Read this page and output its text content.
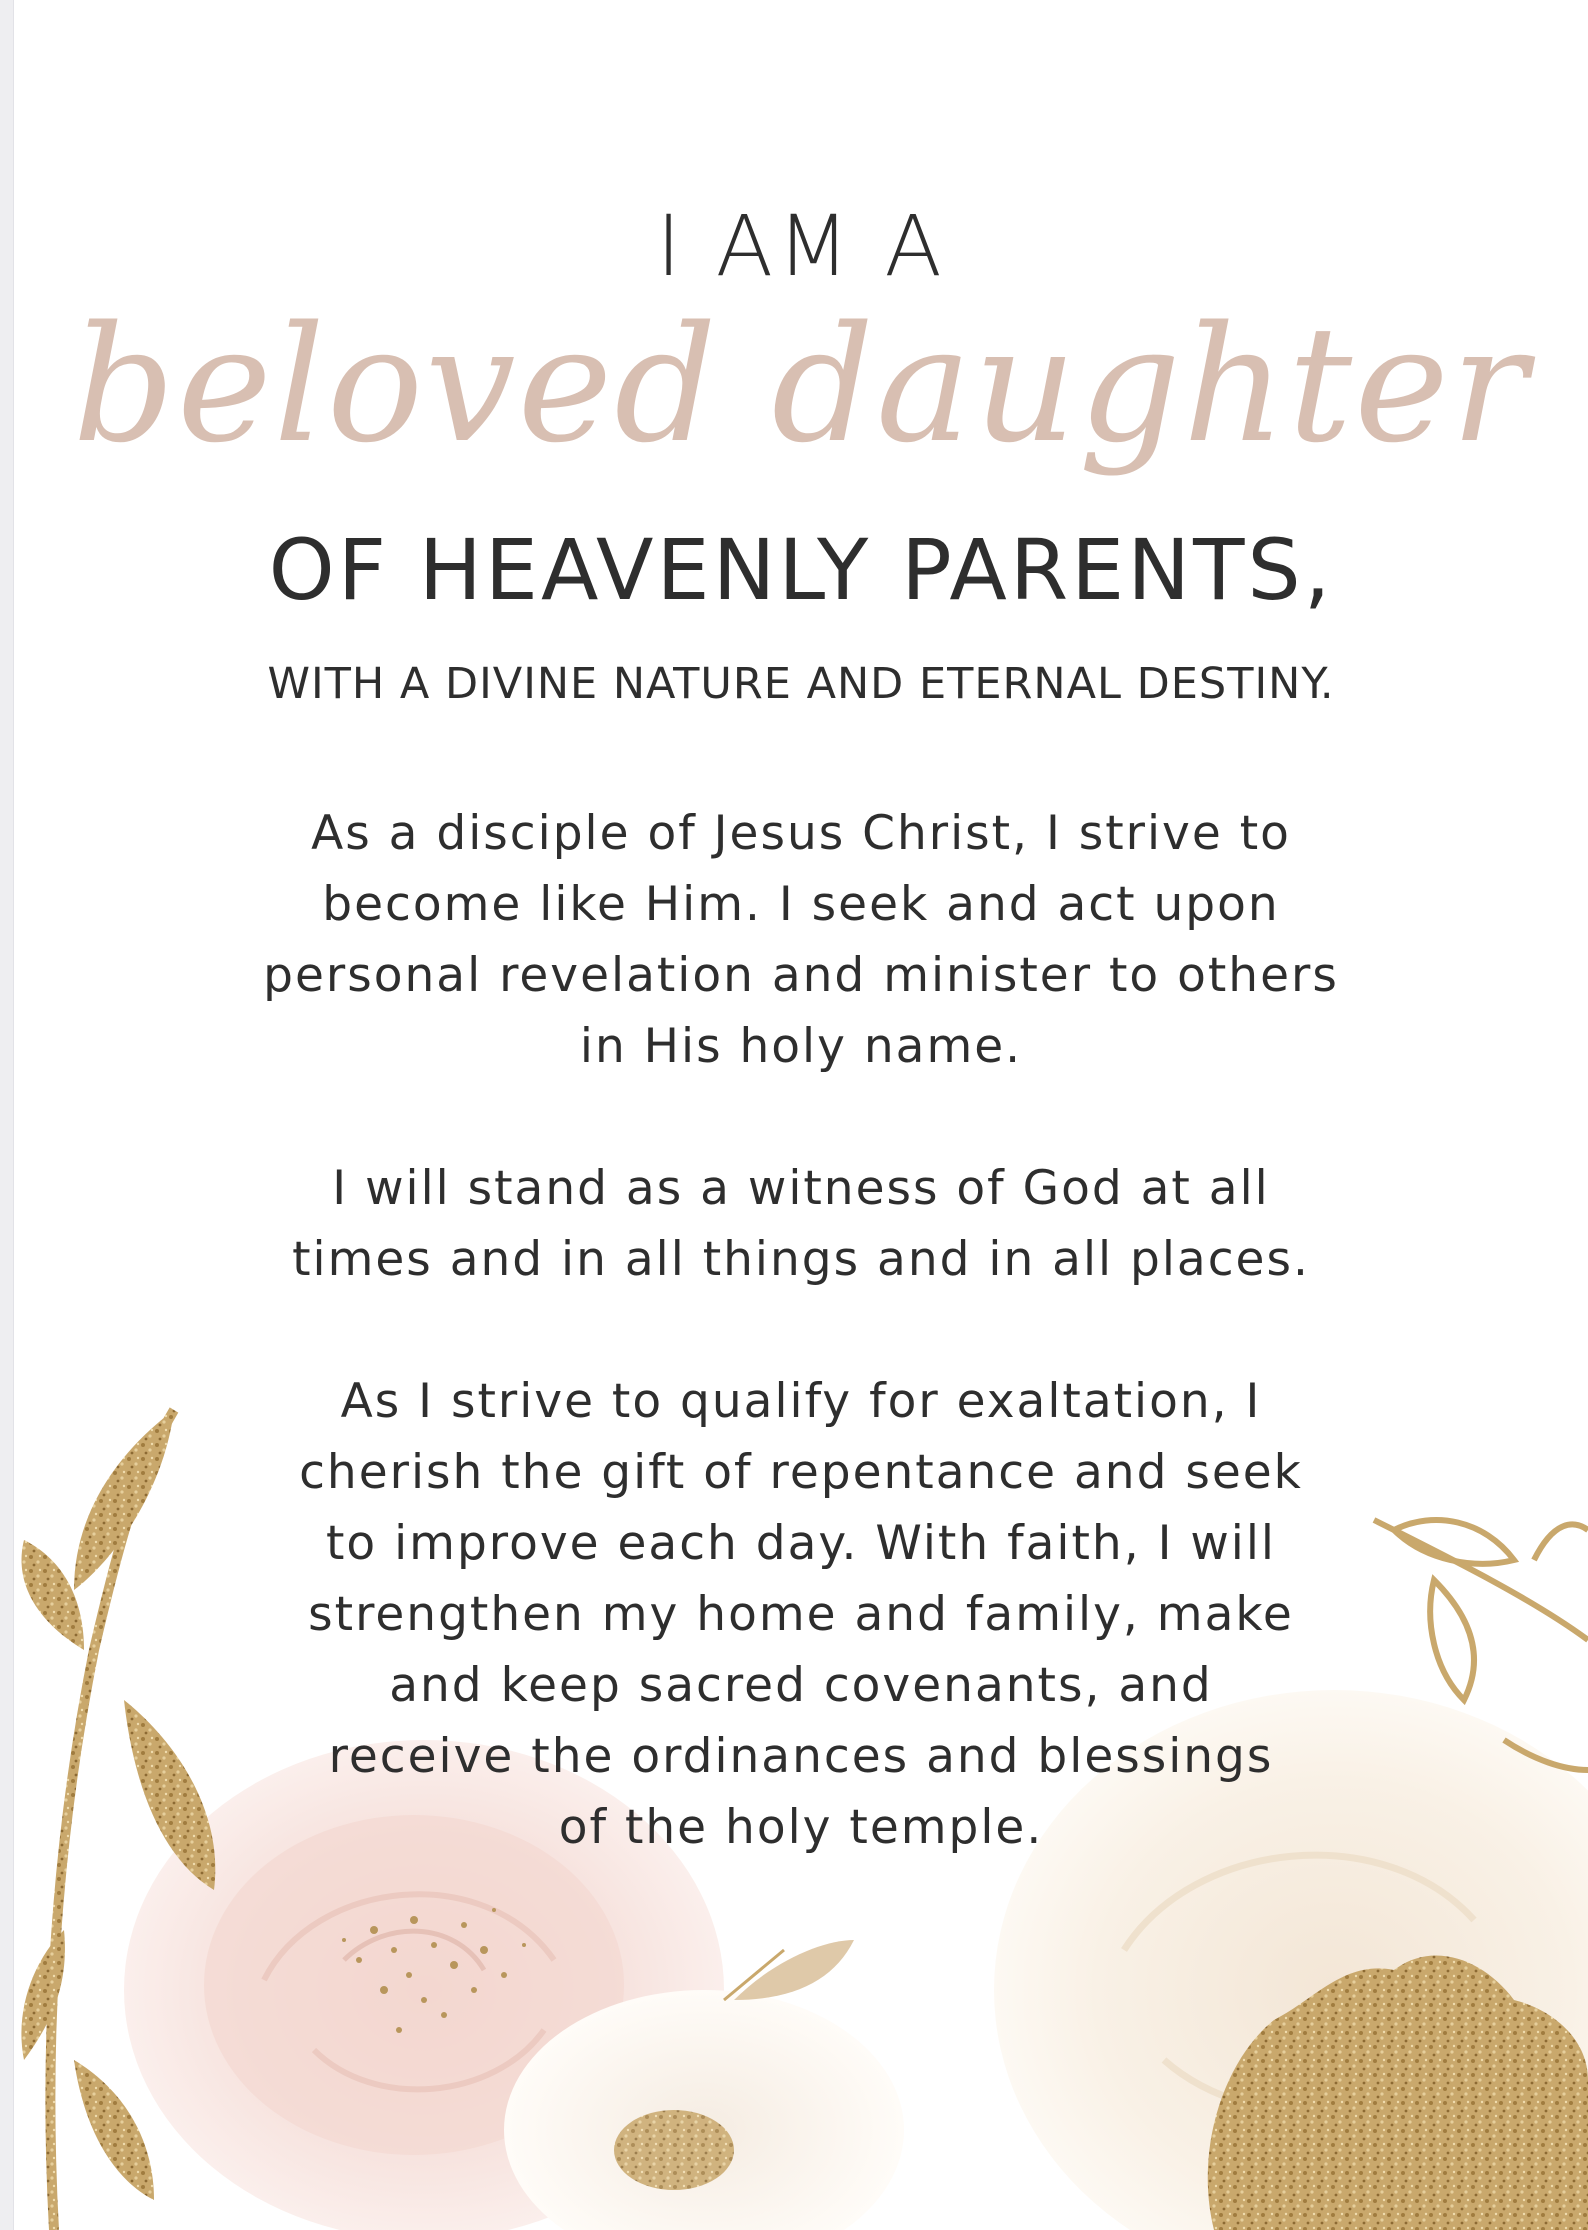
I AM A

beloved daughter

OF HEAVENLY PARENTS,

WITH A DIVINE NATURE AND ETERNAL DESTINY.

As a disciple of Jesus Christ, I strive to

become like Him. I seek and act upon

personal revelation and minister to others

in His holy name.

I will stand as a witness of God at all

times and in all things and in all places.

As I strive to qualify for exaltation, I

cherish the gift of repentance and seek

to improve each day. With faith, I will

strengthen my home and family, make

and keep sacred covenants, and

receive the ordinances and blessings

of the holy temple.
